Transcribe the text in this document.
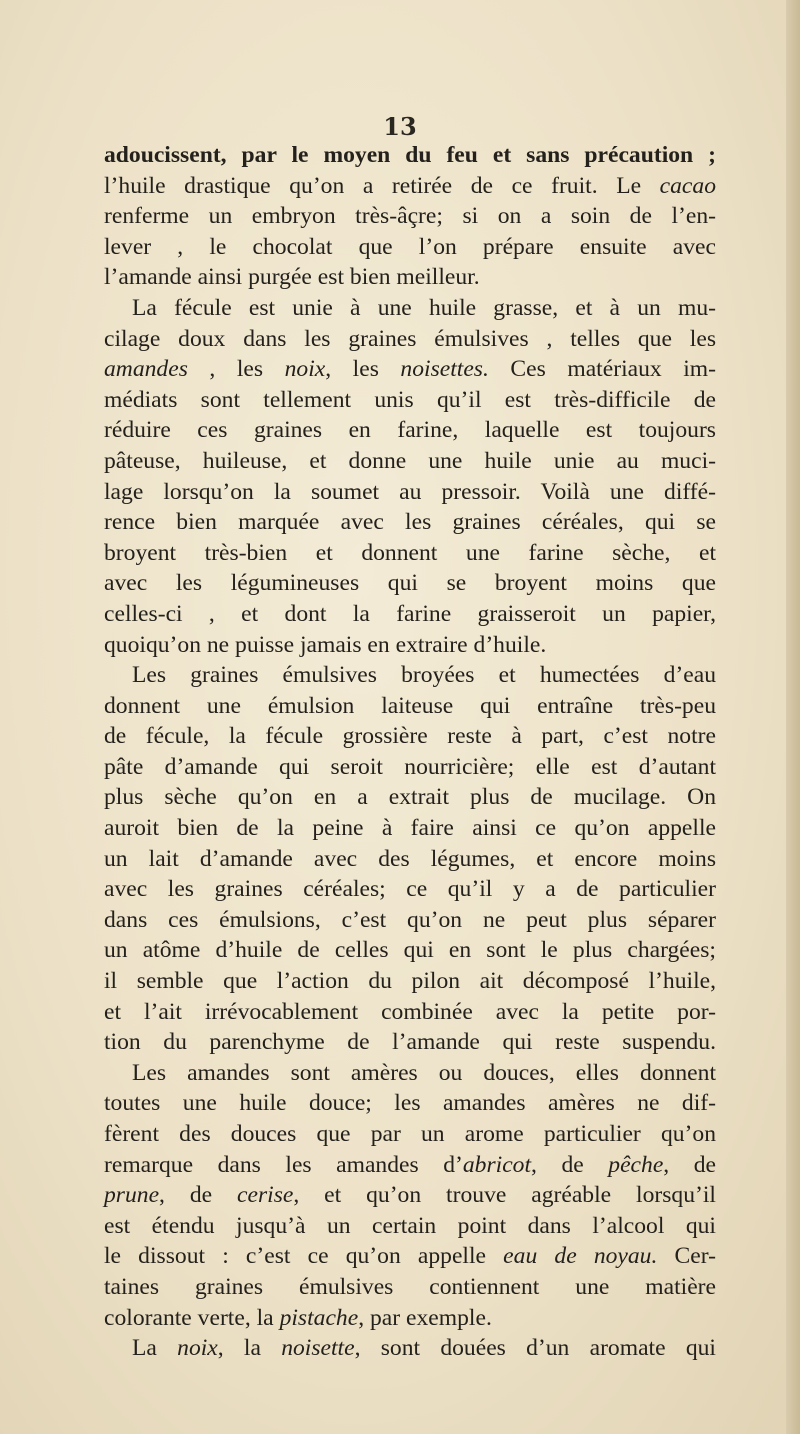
13
adoucissent, par le moyen du feu et sans précaution ;
l’huile drastique qu’on a retirée de ce fruit. Le cacao
renferme un embryon très-âçre; si on a soin de l’en-
lever , le chocolat que l’on prépare ensuite avec
l’amande ainsi purgée est bien meilleur.
La fécule est unie à une huile grasse, et à un mu-
cilage doux dans les graines émulsives , telles que les
amandes , les noix, les noisettes. Ces matériaux im-
médiats sont tellement unis qu’il est très-difficile de
réduire ces graines en farine, laquelle est toujours
pâteuse, huileuse, et donne une huile unie au muci-
lage lorsqu’on la soumet au pressoir. Voilà une diffé-
rence bien marquée avec les graines céréales, qui se
broyent très-bien et donnent une farine sèche, et
avec les légumineuses qui se broyent moins que
celles-ci , et dont la farine graisseroit un papier,
quoiqu’on ne puisse jamais en extraire d’huile.
Les graines émulsives broyées et humectées d’eau
donnent une émulsion laiteuse qui entraîne très-peu
de fécule, la fécule grossière reste à part, c’est notre
pâte d’amande qui seroit nourricière; elle est d’autant
plus sèche qu’on en a extrait plus de mucilage. On
auroit bien de la peine à faire ainsi ce qu’on appelle
un lait d’amande avec des légumes, et encore moins
avec les graines céréales; ce qu’il y a de particulier
dans ces émulsions, c’est qu’on ne peut plus séparer
un atôme d’huile de celles qui en sont le plus chargées;
il semble que l’action du pilon ait décomposé l’huile,
et l’ait irrévocablement combinée avec la petite por-
tion du parenchyme de l’amande qui reste suspendu.
Les amandes sont amères ou douces, elles donnent
toutes une huile douce; les amandes amères ne dif-
fèrent des douces que par un arome particulier qu’on
remarque dans les amandes d’abricot, de pêche, de
prune, de cerise, et qu’on trouve agréable lorsqu’il
est étendu jusqu’à un certain point dans l’alcool qui
le dissout : c’est ce qu’on appelle eau de noyau. Cer-
taines graines émulsives contiennent une matière
colorante verte, la pistache, par exemple.
La noix, la noisette, sont douées d’un aromate qui
